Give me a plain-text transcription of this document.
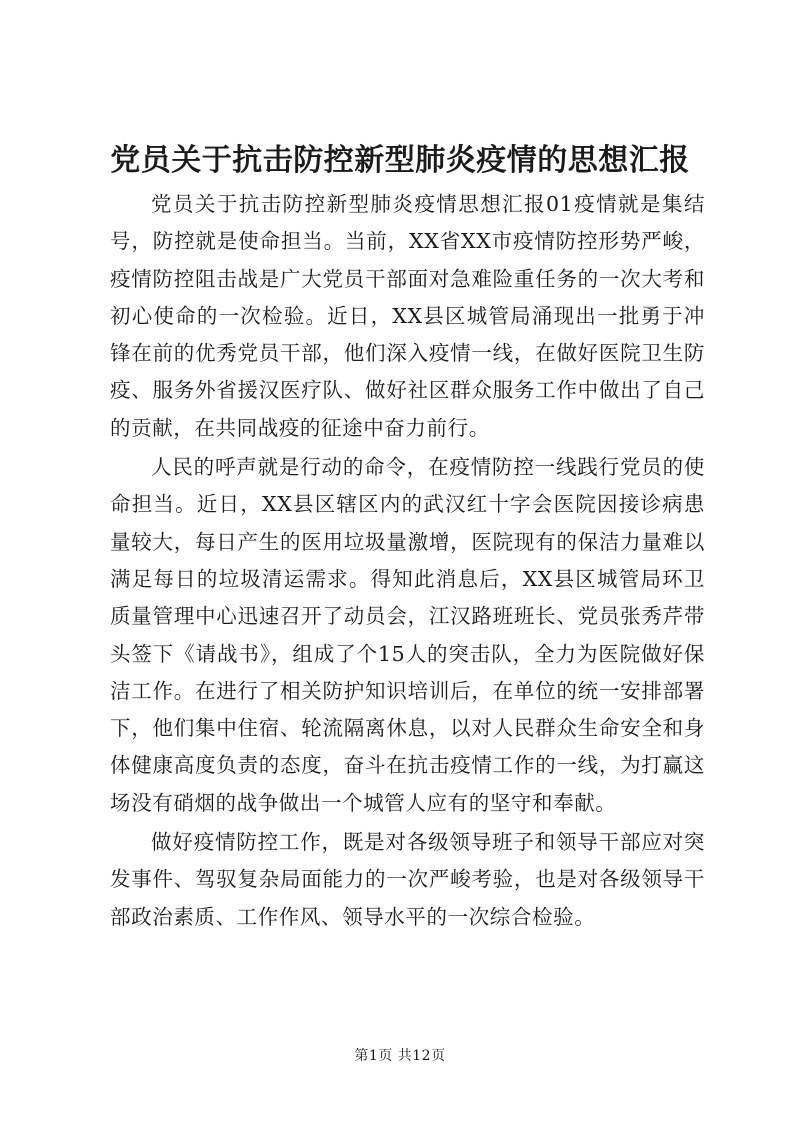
党员关于抗击防控新型肺炎疫情的思想汇报

党员关于抗击防控新型肺炎疫情思想汇报01疫情就是集结号，防控就是使命担当。当前，XX省XX市疫情防控形势严峻，疫情防控阻击战是广大党员干部面对急难险重任务的一次大考和初心使命的一次检验。近日，XX县区城管局涌现出一批勇于冲锋在前的优秀党员干部，他们深入疫情一线，在做好医院卫生防疫、服务外省援汉医疗队、做好社区群众服务工作中做出了自己的贡献，在共同战疫的征途中奋力前行。

人民的呼声就是行动的命令，在疫情防控一线践行党员的使命担当。近日，XX县区辖区内的武汉红十字会医院因接诊病患量较大，每日产生的医用垃圾量激增，医院现有的保洁力量难以满足每日的垃圾清运需求。得知此消息后，XX县区城管局环卫质量管理中心迅速召开了动员会，江汉路班班长、党员张秀芹带头签下《请战书》，组成了个15人的突击队，全力为医院做好保洁工作。在进行了相关防护知识培训后，在单位的统一安排部署下，他们集中住宿、轮流隔离休息，以对人民群众生命安全和身体健康高度负责的态度，奋斗在抗击疫情工作的一线，为打赢这场没有硝烟的战争做出一个城管人应有的坚守和奉献。

做好疫情防控工作，既是对各级领导班子和领导干部应对突发事件、驾驭复杂局面能力的一次严峻考验，也是对各级领导干部政治素质、工作作风、领导水平的一次综合检验。

第1页 共12页
